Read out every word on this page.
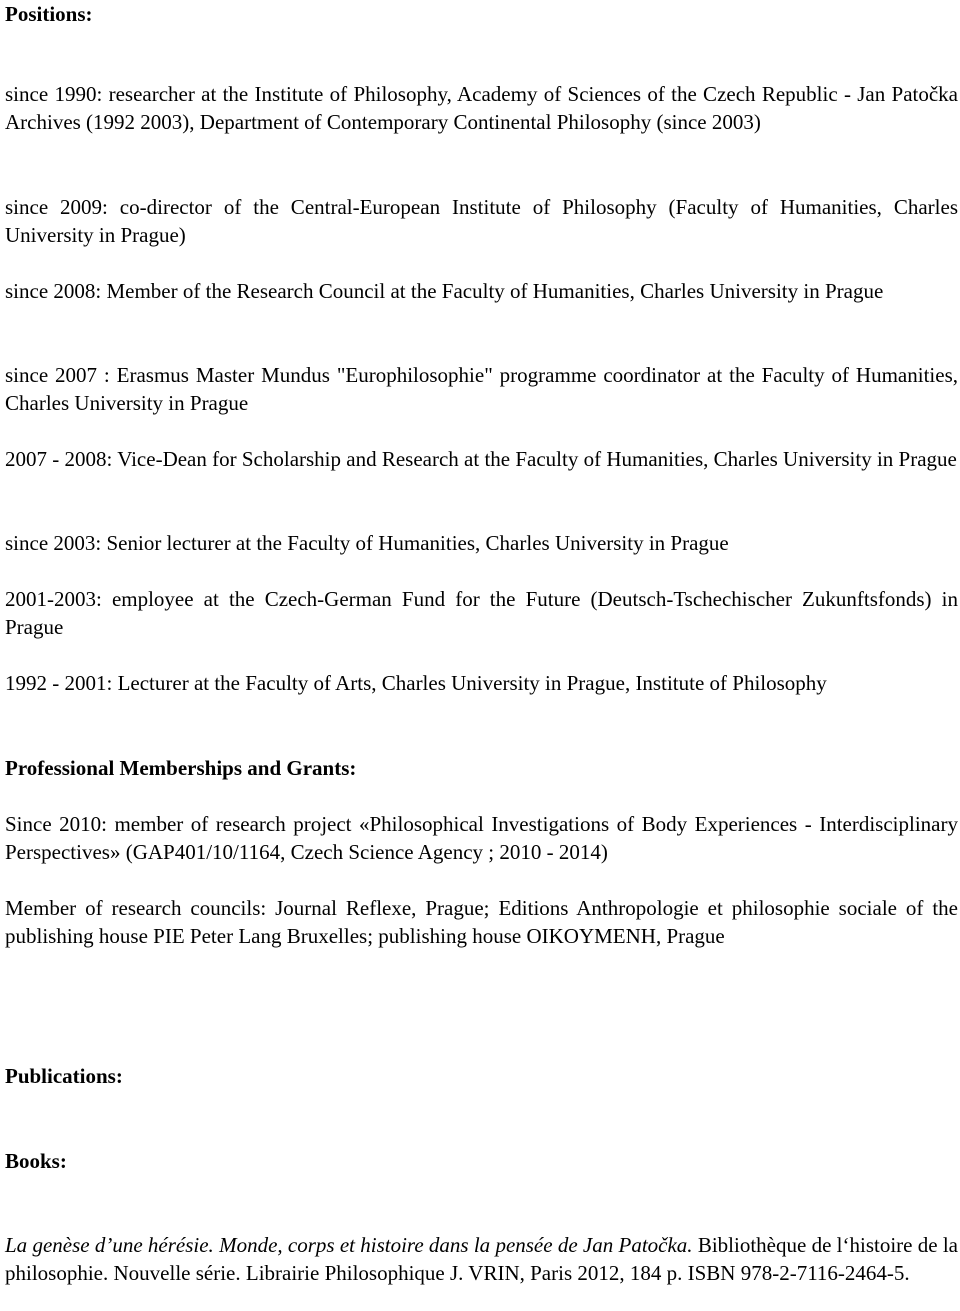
Positions:

since 1990: researcher at the Institute of Philosophy, Academy of Sciences of the Czech Republic - Jan Patočka Archives (1992 2003), Department of Contemporary Continental Philosophy (since 2003)

since 2009: co-director of the Central-European Institute of Philosophy (Faculty of Humanities, Charles University in Prague)

since 2008: Member of the Research Council at the Faculty of Humanities, Charles University in Prague

since 2007 : Erasmus Master Mundus "Europhilosophie" programme coordinator at the Faculty of Humanities, Charles University in Prague

2007 - 2008: Vice-Dean for Scholarship and Research at the Faculty of Humanities, Charles University in Prague

since 2003: Senior lecturer at the Faculty of Humanities, Charles University in Prague

2001-2003: employee at the Czech-German Fund for the Future (Deutsch-Tschechischer Zukunftsfonds) in Prague

1992 - 2001: Lecturer at the Faculty of Arts, Charles University in Prague, Institute of Philosophy

Professional Memberships and Grants:

Since 2010: member of research project «Philosophical Investigations of Body Experiences - Interdisciplinary Perspectives» (GAP401/10/1164, Czech Science Agency ; 2010 - 2014)

Member of research councils: Journal Reflexe, Prague; Editions Anthropologie et philosophie sociale of the publishing house PIE Peter Lang Bruxelles; publishing house OIKOYMENH, Prague

Publications:
Books:

La genèse d’une hérésie. Monde, corps et histoire dans la pensée de Jan Patočka. Bibliothèque de l‘histoire de la philosophie. Nouvelle série. Librairie Philosophique J. VRIN, Paris 2012, 184 p. ISBN 978-2-7116-2464-5.
